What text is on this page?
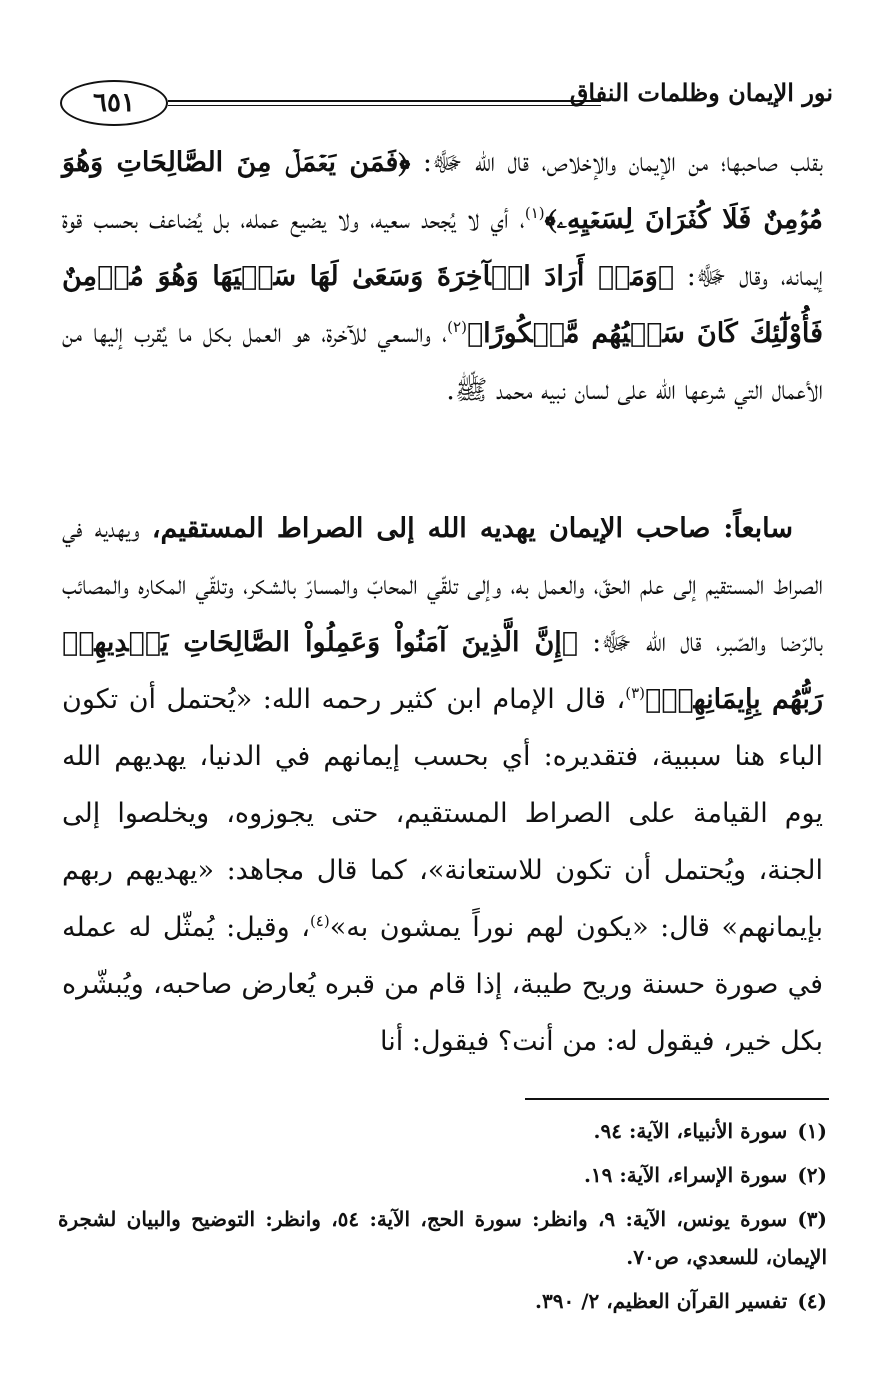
٦٥١	نور الإيمان وظلمات النفاق

بقلب صاحبها؛ من الإيمان والإخلاص، قال الله ﷻ: ﴿فَمَن يَعۡمَلۡ مِنَ الصَّالِحَاتِ وَهُوَ مُؤۡمِنٌ فَلَا كُفۡرَانَ لِسَعۡيِهِۦ﴾$^{(١)}$، أي لا يُجحد سعيه، ولا يضيع عمله، بل يُضاعف بحسب قوة إيمانه، وقال ﷻ: ﴿وَمَنۡ أَرَادَ الۡآخِرَةَ وَسَعَىٰ لَهَا سَعۡيَهَا وَهُوَ مُؤۡمِنٌ فَأُوْلَٰٓئِكَ كَانَ سَعۡيُهُم مَّشۡكُورًا﴾$^{(٢)}$، والسعي للآخرة، هو العمل بكل ما يُقرب إليها من الأعمال التي شرعها الله على لسان نبيه محمد ﷺ.

سابعاً: صاحب الإيمان يهديه الله إلى الصراط المستقيم، ويهديه في الصراط المستقيم إلى علم الحقّ، والعمل به، وإلى تلقّي المحابّ والمسارّ بالشكر، وتلقّي المكاره والمصائب بالرّضا والصّبر، قال الله ﷻ: ﴿إِنَّ الَّذِينَ آمَنُواْ وَعَمِلُواْ الصَّالِحَاتِ يَهۡدِيهِمۡ رَبُّهُم بِإِيمَانِهِمۡ﴾$^{(٣)}$، قال الإمام ابن كثير رحمه الله: «يُحتمل أن تكون الباء هنا سببية، فتقديره: أي بحسب إيمانهم في الدنيا، يهديهم الله يوم القيامة على الصراط المستقيم، حتى يجوزوه، ويخلصوا إلى الجنة، ويُحتمل أن تكون للاستعانة»، كما قال مجاهد: «يهديهم ربهم بإيمانهم» قال: «يكون لهم نوراً يمشون به»$^{(٤)}$، وقيل: يُمثّل له عمله في صورة حسنة وريح طيبة، إذا قام من قبره يُعارض صاحبه، ويُبشّره بكل خير، فيقول له: من أنت؟ فيقول: أنا

(١)سورة الأنبياء، الآية: ٩٤.

(٢)سورة الإسراء، الآية: ١٩.

(٣)سورة يونس، الآية: ٩، وانظر: سورة الحج، الآية: ٥٤، وانظر: التوضيح والبيان لشجرة الإيمان، للسعدي، ص٧٠.

(٤)تفسير القرآن العظيم، ٢/ ٣٩٠.
